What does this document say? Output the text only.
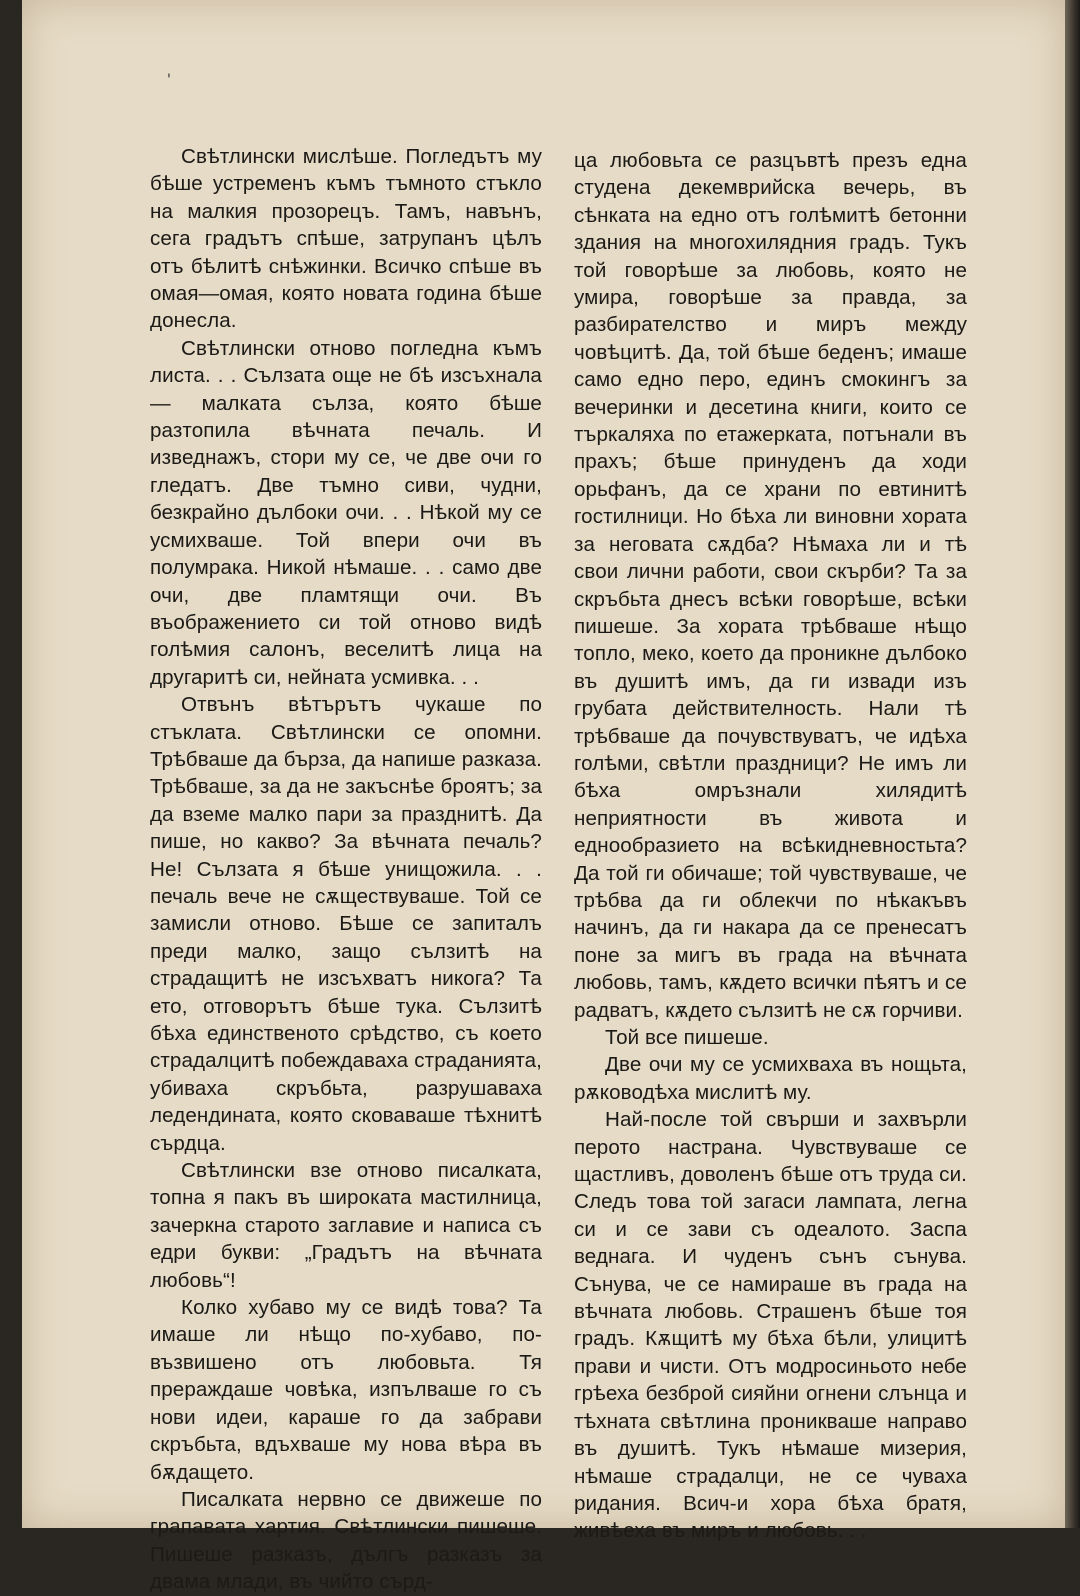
'

Свѣтлински мислѣше. Погледътъ му бѣше устременъ къмъ тъмното стъкло на малкия прозорецъ. Тамъ, навънъ, сега градътъ спѣше, затрупанъ цѣлъ отъ бѣлитѣ снѣжинки. Всичко спѣше въ омая—омая, която новата година бѣше донесла.

Свѣтлински отново погледна къмъ листа. . . Сълзата още не бѣ изсъхнала — малката сълза, която бѣше разтопила вѣчната печаль. И изведнажъ, стори му се, че две очи го гледатъ. Две тъмно сиви, чудни, безкрайно дълбоки очи. . . Нѣкой му се усмихваше. Той впери очи въ полумрака. Никой нѣмаше. . . само две очи, две пламтящи очи. Въ въображението си той отново видѣ голѣмия салонъ, веселитѣ лица на другаритѣ си, нейната усмивка. . .

Отвънъ вѣтърътъ чукаше по стъклата. Свѣтлински се опомни. Трѣбваше да бърза, да напише разказа. Трѣбваше, за да не закъснѣе броятъ; за да вземе малко пари за празднитѣ. Да пише, но какво? За вѣчната печаль? Не! Сълзата я бѣше унищожила. . . печаль вече не сѫществуваше. Той се замисли отново. Бѣше се запиталъ преди малко, защо сълзитѣ на страдащитѣ не изсъхватъ никога? Та ето, отговорътъ бѣше тука. Сълзитѣ бѣха единственото срѣдство, съ което страдалцитѣ побеждаваха страданията, убиваха скръбьта, разрушаваха ледендината, която сковаваше тѣхнитѣ сърдца.

Свѣтлински взе отново писалката, топна я пакъ въ широката мастилница, зачеркна старото заглавие и написа съ едри букви: „Градътъ на вѣчната любовь“!

Колко хубаво му се видѣ това? Та имаше ли нѣщо по-хубаво, по-възвишено отъ любовьта. Тя прераждаше човѣка, изпълваше го съ нови идеи, караше го да забрави скръбьта, вдъхваше му нова вѣра въ бѫдащето.

Писалката нервно се движеше по грапавата хартия. Свѣтлински пишеше. Пишеше разказъ, дългъ разказъ за двама млади, въ чийто сърд-

ца любовьта се разцъвтѣ презъ една студена декемврийска вечерь, въ сѣнката на едно отъ голѣмитѣ бетонни здания на многохилядния градъ. Тукъ той говорѣше за любовь, която не умира, говорѣше за правда, за разбирателство и миръ между човѣцитѣ. Да, той бѣше беденъ; имаше само едно перо, единъ смокингъ за вечеринки и десетина книги, които се търкаляха по етажерката, потънали въ прахъ; бѣше принуденъ да ходи орьфанъ, да се храни по евтинитѣ гостилници. Но бѣха ли виновни хората за неговата сѫдба? Нѣмаха ли и тѣ свои лични работи, свои скърби? Та за скръбьта днесъ всѣки говорѣше, всѣки пишеше. За хората трѣбваше нѣщо топло, меко, което да проникне дълбоко въ душитѣ имъ, да ги извади изъ грубата действителность. Нали тѣ трѣбваше да почувствуватъ, че идѣха голѣми, свѣтли праздници? Не имъ ли бѣха омръзнали хилядитѣ неприятности въ живота и еднообразието на всѣкидневностьта? Да той ги обичаше; той чувствуваше, че трѣбва да ги облекчи по нѣкакъвъ начинъ, да ги накара да се пренесатъ поне за мигъ въ града на вѣчната любовь, тамъ, кѫдето всички пѣятъ и се радватъ, кѫдето сълзитѣ не сѫ горчиви.

Той все пишеше.

Две очи му се усмихваха въ нощьта, рѫководѣха мислитѣ му.

Най-после той свърши и захвърли перото настрана. Чувствуваше се щастливъ, доволенъ бѣше отъ труда си. Следъ това той загаси лампата, легна си и се зави съ одеалото. Заспа веднага. И чуденъ сънъ сънува. Сънува, че се намираше въ града на вѣчната любовь. Страшенъ бѣше тоя градъ. Кѫщитѣ му бѣха бѣли, улицитѣ прави и чисти. Отъ модросиньото небе грѣеха безброй сияйни огнени слънца и тѣхната свѣтлина проникваше направо въ душитѣ. Тукъ нѣмаше мизерия, нѣмаше страдалци, не се чуваха ридания. Всич-и хора бѣха братя, живѣеха въ миръ и любовь. . .
